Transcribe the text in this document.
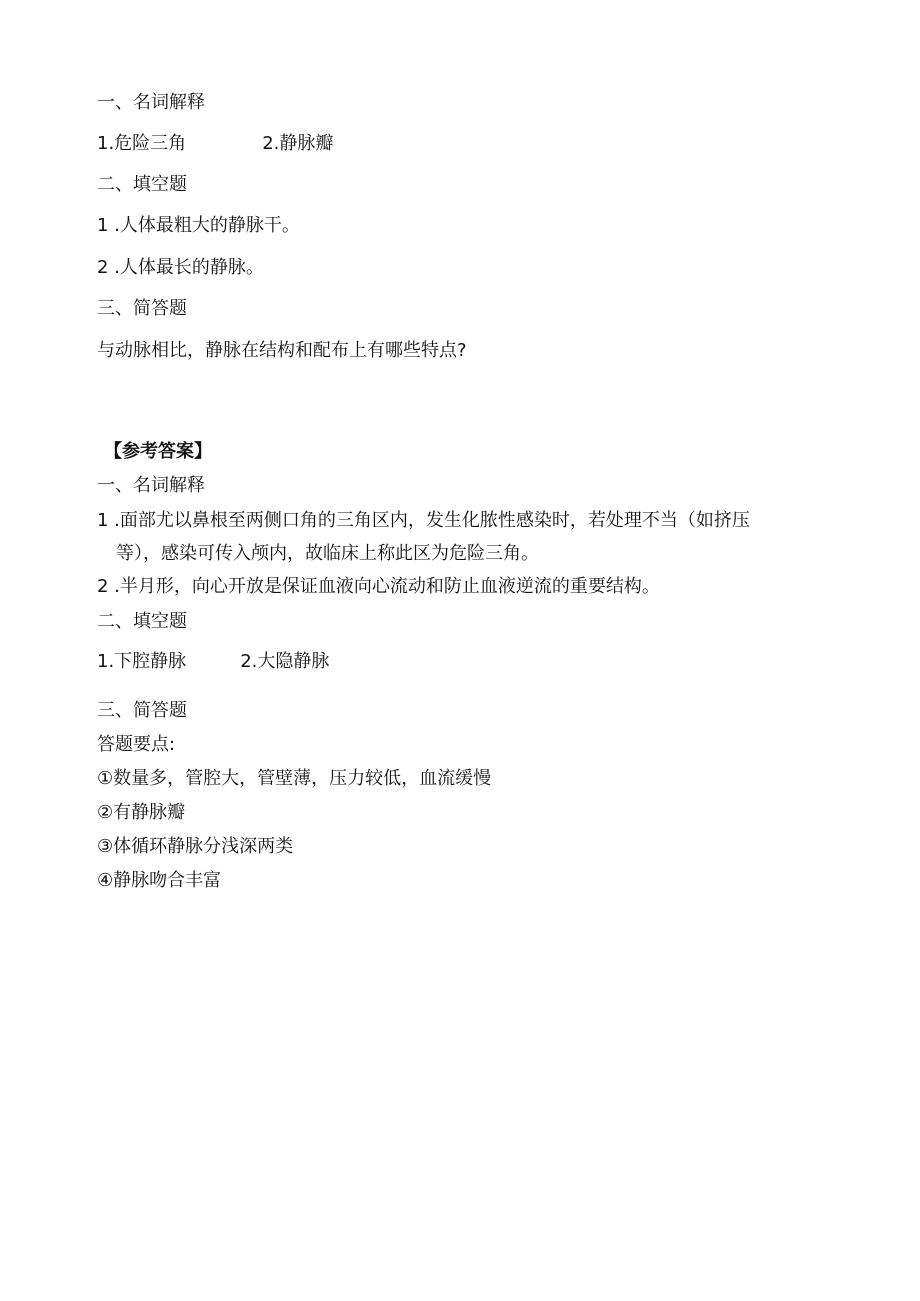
一、名词解释
1.危险三角	2.静脉瓣
二、填空题
1 .人体最粗大的静脉干。
2 .人体最长的静脉。
三、简答题
与动脉相比，静脉在结构和配布上有哪些特点?
【参考答案】
一、名词解释
1 .面部尤以鼻根至两侧口角的三角区内，发生化脓性感染时，若处理不当（如挤压
等），感染可传入颅内，故临床上称此区为危险三角。
2 .半月形，向心开放是保证血液向心流动和防止血液逆流的重要结构。
二、填空题
1.下腔静脉	2.大隐静脉
三、简答题
答题要点:
①数量多，管腔大，管壁薄，压力较低，血流缓慢
②有静脉瓣
③体循环静脉分浅深两类
④静脉吻合丰富
